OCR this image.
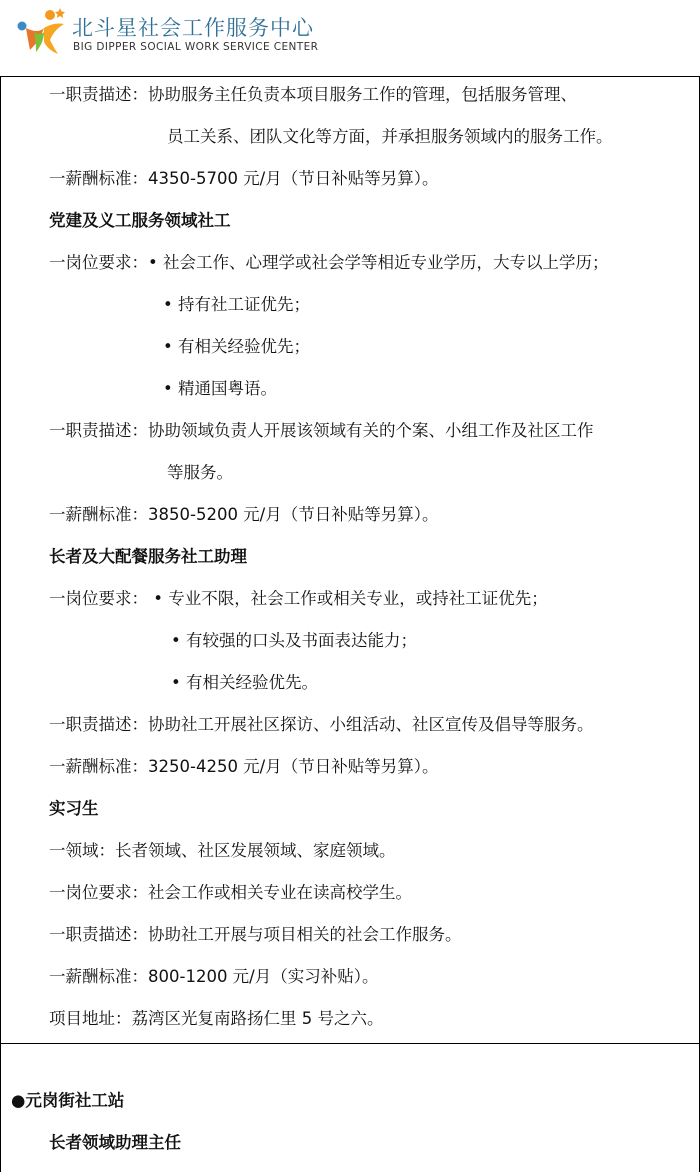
北斗星社会工作服务中心
BIG DIPPER SOCIAL WORK SERVICE CENTER
一职责描述：协助服务主任负责本项目服务工作的管理，包括服务管理、
员工关系、团队文化等方面，并承担服务领域内的服务工作。
一薪酬标准：4350-5700 元/月（节日补贴等另算）。
党建及义工服务领域社工
一岗位要求：• 社会工作、心理学或社会学等相近专业学历，大专以上学历；
• 持有社工证优先；
• 有相关经验优先；
• 精通国粤语。
一职责描述：协助领域负责人开展该领域有关的个案、小组工作及社区工作
等服务。
一薪酬标准：3850-5200 元/月（节日补贴等另算）。
长者及大配餐服务社工助理
一岗位要求： • 专业不限，社会工作或相关专业，或持社工证优先；
• 有较强的口头及书面表达能力；
• 有相关经验优先。
一职责描述：协助社工开展社区探访、小组活动、社区宣传及倡导等服务。
一薪酬标准：3250-4250 元/月（节日补贴等另算）。
实习生
一领域：长者领域、社区发展领域、家庭领域。
一岗位要求：社会工作或相关专业在读高校学生。
一职责描述：协助社工开展与项目相关的社会工作服务。
一薪酬标准：800-1200 元/月（实习补贴）。
项目地址：荔湾区光复南路扬仁里 5 号之六。
●元岗街社工站
长者领域助理主任
